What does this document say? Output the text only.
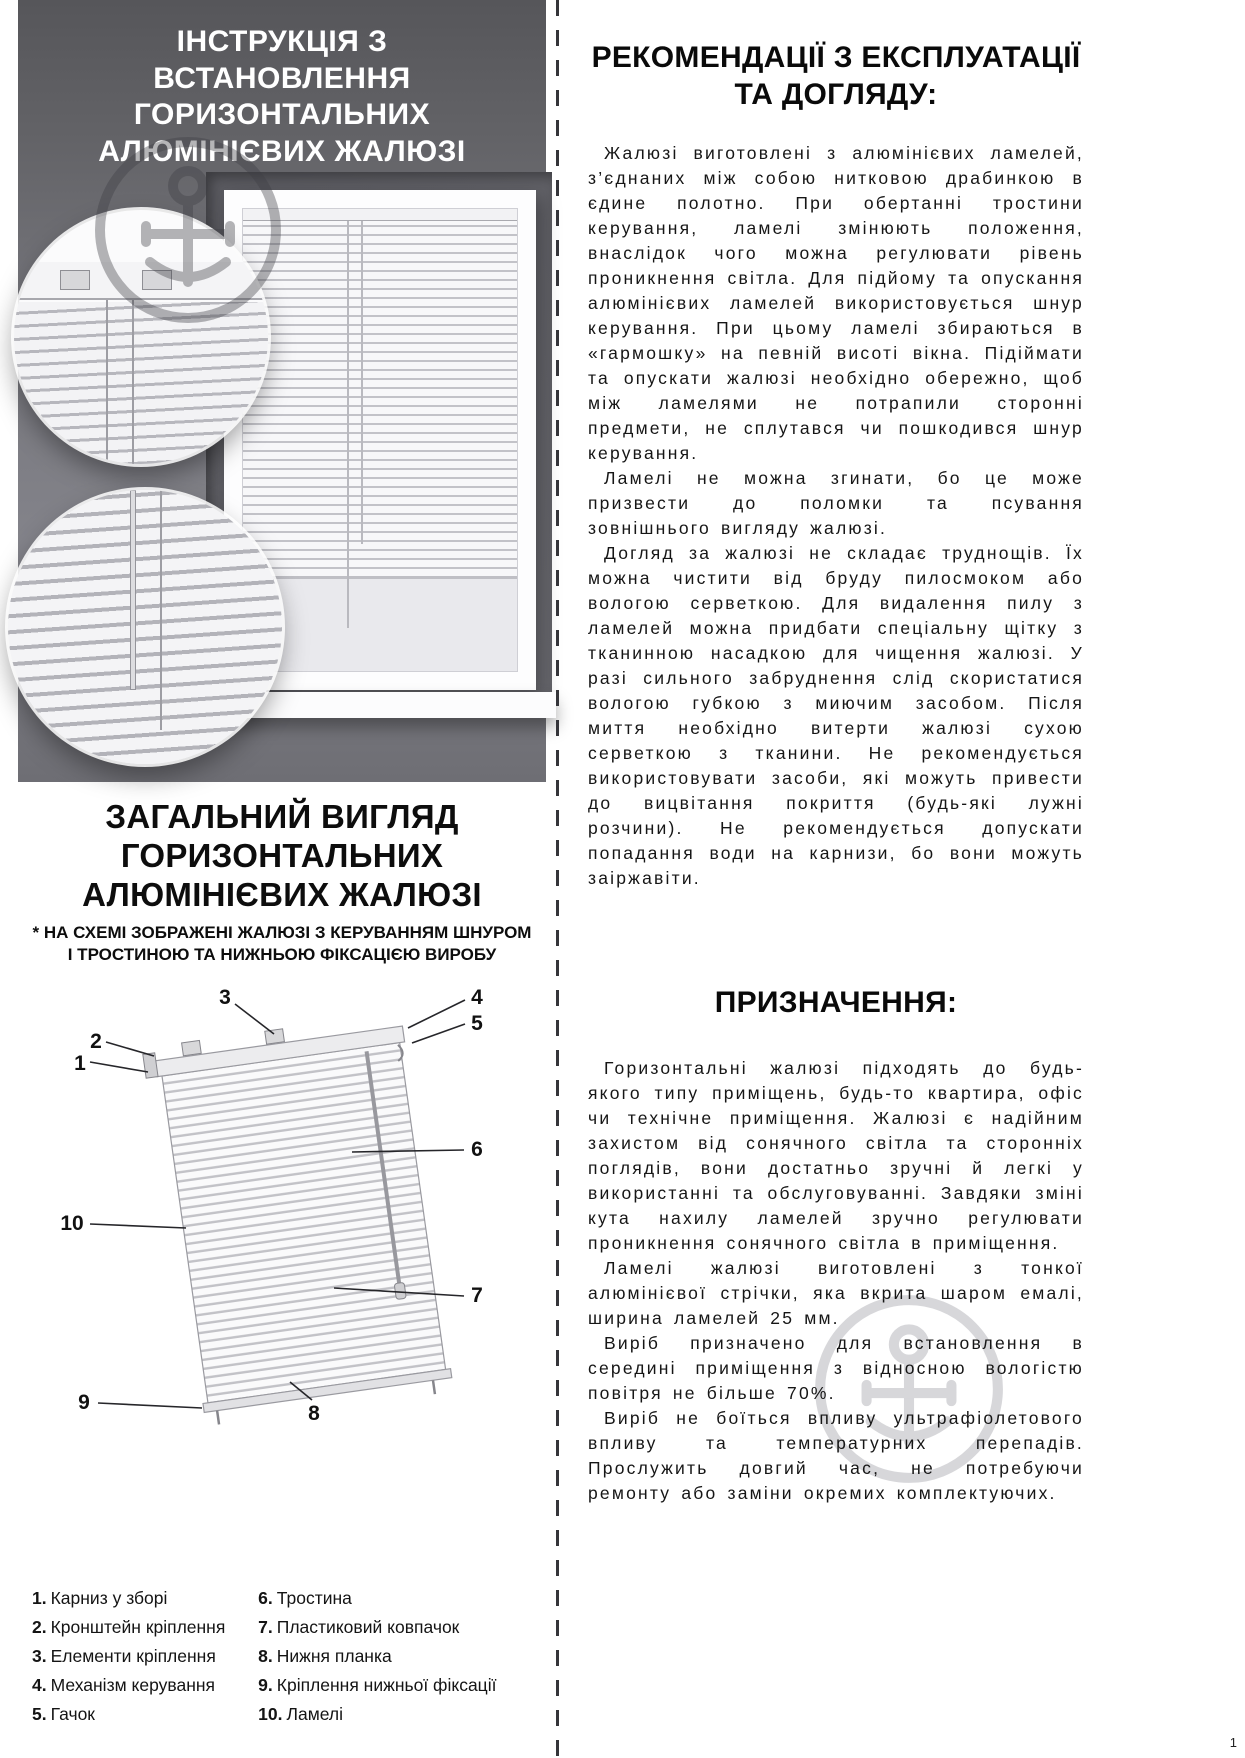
ІНСТРУКЦІЯ З ВСТАНОВЛЕННЯ ГОРИЗОНТАЛЬНИХ АЛЮМІНІЄВИХ ЖАЛЮЗІ
ЗАГАЛЬНИЙ ВИГЛЯД ГОРИЗОНТАЛЬНИХ АЛЮМІНІЄВИХ ЖАЛЮЗІ

* НА СХЕМІ ЗОБРАЖЕНІ ЖАЛЮЗІ З КЕРУВАННЯМ ШНУРОМ І ТРОСТИНОЮ ТА НИЖНЬОЮ ФІКСАЦІЄЮ ВИРОБУ

1
2
3	4
5
6
7
8
9
10
1. Карниз у зборі
2. Кронштейн кріплення
3. Елементи кріплення
4. Механізм керування
5. Гачок
6. Тростина
7. Пластиковий ковпачок
8. Нижня планка
9. Кріплення нижньої фіксації
10. Ламелі
РЕКОМЕНДАЦІЇ З ЕКСПЛУАТАЦІЇ ТА ДОГЛЯДУ:

Жалюзі виготовлені з алюмінієвих ламелей, з’єднаних між собою нитковою драбинкою в єдине полотно. При обертанні тростини керування, ламелі змінюють положення, внаслідок чого можна регулювати рівень проникнення світла. Для підйому та опускання алюмінієвих ламелей використовується шнур керування. При цьому ламелі збираються в «гармошку» на певній висоті вікна. Підіймати та опускати жалюзі необхідно обережно, щоб між ламелями не потрапили сторонні предмети, не сплутався чи пошкодився шнур керування.

Ламелі не можна згинати, бо це може призвести до поломки та псування зовнішнього вигляду жалюзі.

Догляд за жалюзі не складає труднощів. Їх можна чистити від бруду пилосмоком або вологою серветкою. Для видалення пилу з ламелей можна придбати спеціальну щітку з тканинною насадкою для чищення жалюзі. У разі сильного забруднення слід скористатися вологою губкою з миючим засобом. Після миття необхідно витерти жалюзі сухою серветкою з тканини. Не рекомендується використовувати засоби, які можуть привести до вицвітання покриття (будь-які лужні розчини). Не рекомендується допускати попадання води на карнизи, бо вони можуть заіржавіти.

ПРИЗНАЧЕННЯ:

Горизонтальні жалюзі підходять до будь-якого типу приміщень, будь-то квартира, офіс чи технічне приміщення. Жалюзі є надійним захистом від сонячного світла та сторонніх поглядів, вони достатньо зручні й легкі у використанні та обслуговуванні. Завдяки зміні кута нахилу ламелей зручно регулювати проникнення сонячного світла в приміщення.

Ламелі жалюзі виготовлені з тонкої алюмінієвої стрічки, яка вкрита шаром емалі, ширина ламелей 25 мм.

Виріб призначено для встановлення в середині приміщення з відносною вологістю повітря не більше 70%.

Виріб не боїться впливу ультрафіолетового впливу та температурних перепадів. Прослужить довгий час, не потребуючи ремонту або заміни окремих комплектуючих.

1
